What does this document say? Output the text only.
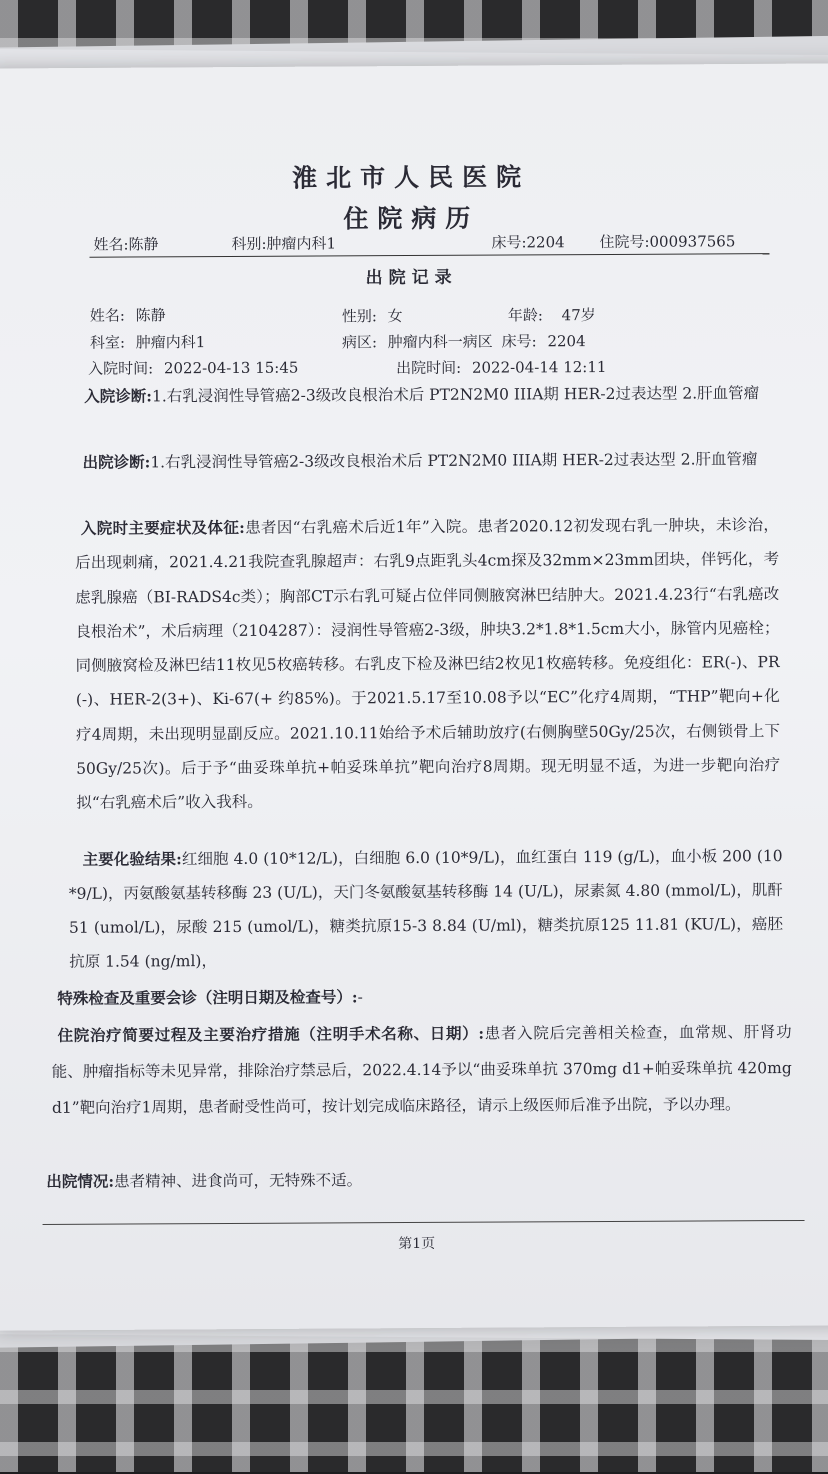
淮北市人民医院
住院病历
姓名:陈静	科别:肿瘤内科1	床号:2204 住院号:000937565
出院记录
姓名: 陈静	性别: 女	年龄: 47岁
科室: 肿瘤内科1	病区: 肿瘤内科一病区 床号: 2204
入院时间: 2022-04-13 15:45	出院时间: 2022-04-14 12:11
入院诊断:1.右乳浸润性导管癌2-3级改良根治术后 PT2N2M0 IIIA期 HER-2过表达型 2.肝血管瘤
出院诊断:1.右乳浸润性导管癌2-3级改良根治术后 PT2N2M0 IIIA期 HER-2过表达型 2.肝血管瘤
入院时主要症状及体征:患者因“右乳癌术后近1年”入院。患者2020.12初发现右乳一肿块，未诊治，后出现刺痛，2021.4.21我院查乳腺超声：右乳9点距乳头4cm探及32mm×23mm团块，伴钙化，考虑乳腺癌（BI-RADS4c类）；胸部CT示右乳可疑占位伴同侧腋窝淋巴结肿大。2021.4.23行“右乳癌改良根治术”，术后病理（2104287）：浸润性导管癌2-3级，肿块3.2*1.8*1.5cm大小，脉管内见癌栓；同侧腋窝检及淋巴结11枚见5枚癌转移。右乳皮下检及淋巴结2枚见1枚癌转移。免疫组化：ER(-)、PR(-)、HER-2(3+)、Ki-67(+ 约85%)。于2021.5.17至10.08予以“EC”化疗4周期，“THP”靶向+化疗4周期，未出现明显副反应。2021.10.11始给予术后辅助放疗(右侧胸壁50Gy/25次，右侧锁骨上下50Gy/25次)。后于予“曲妥珠单抗+帕妥珠单抗”靶向治疗8周期。现无明显不适，为进一步靶向治疗拟“右乳癌术后”收入我科。
主要化验结果:红细胞 4.0 (10*12/L)，白细胞 6.0 (10*9/L)，血红蛋白 119 (g/L)，血小板 200 (10*9/L)，丙氨酸氨基转移酶 23 (U/L)，天门冬氨酸氨基转移酶 14 (U/L)，尿素氮 4.80 (mmol/L)，肌酐 51 (umol/L)，尿酸 215 (umol/L)，糖类抗原15-3 8.84 (U/ml)，糖类抗原125 11.81 (KU/L)，癌胚抗原 1.54 (ng/ml)，
特殊检查及重要会诊（注明日期及检查号）:-
住院治疗简要过程及主要治疗措施（注明手术名称、日期）:患者入院后完善相关检查，血常规、肝肾功能、肿瘤指标等未见异常，排除治疗禁忌后，2022.4.14予以“曲妥珠单抗 370mg d1+帕妥珠单抗 420mg d1”靶向治疗1周期，患者耐受性尚可，按计划完成临床路径，请示上级医师后准予出院，予以办理。
出院情况:患者精神、进食尚可，无特殊不适。
第1页
